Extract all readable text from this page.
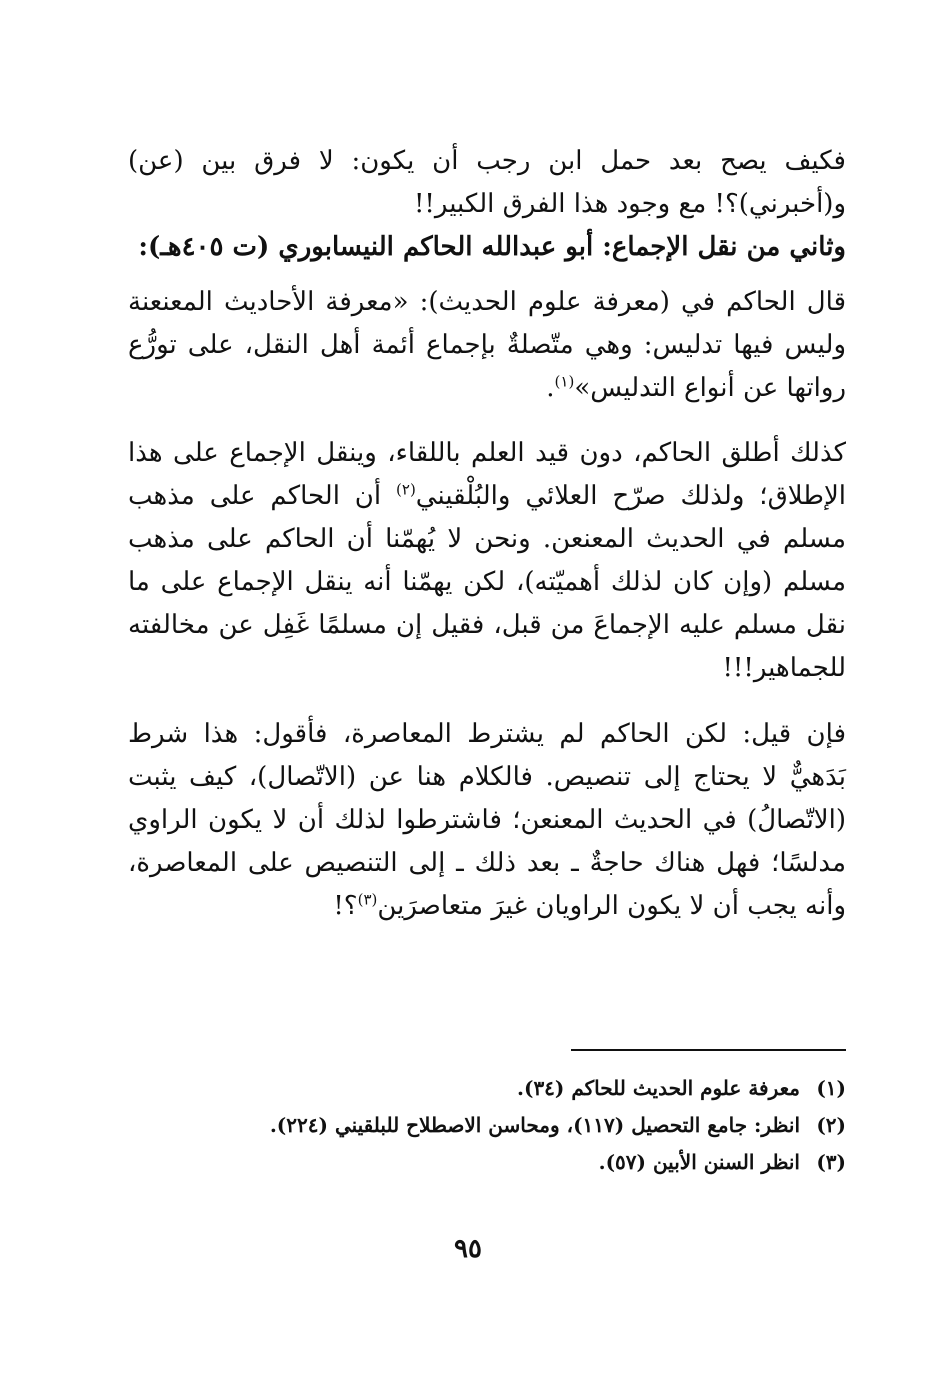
فكيف يصح بعد حمل ابن رجب أن يكون: لا فرق بين (عن) و(أخبرني)؟! مع وجود هذا الفرق الكبير!!

وثاني من نقل الإجماع: أبو عبدالله الحاكم النيسابوري (ت ٤٠٥هـ):

قال الحاكم في (معرفة علوم الحديث): «معرفة الأحاديث المعنعنة وليس فيها تدليس: وهي متّصلةٌ بإجماع أئمة أهل النقل، على تورُّع رواتها عن أنواع التدليس»$^{(١)}$.

كذلك أطلق الحاكم، دون قيد العلم باللقاء، وينقل الإجماع على هذا الإطلاق؛ ولذلك صرّح العلائي والبُلْقيني$^{(٢)}$ أن الحاكم على مذهب مسلم في الحديث المعنعن. ونحن لا يُهمّنا أن الحاكم على مذهب مسلم (وإن كان لذلك أهميّته)، لكن يهمّنا أنه ينقل الإجماع على ما نقل مسلم عليه الإجماعَ من قبل، فقيل إن مسلمًا غَفِل عن مخالفته للجماهير!!!

فإن قيل: لكن الحاكم لم يشترط المعاصرة، فأقول: هذا شرط بَدَهيٌّ لا يحتاج إلى تنصيص. فالكلام هنا عن (الاتّصال)، كيف يثبت (الاتّصالُ) في الحديث المعنعن؛ فاشترطوا لذلك أن لا يكون الراوي مدلسًا؛ فهل هناك حاجةٌ ـ بعد ذلك ـ إلى التنصيص على المعاصرة، وأنه يجب أن لا يكون الراويان غيرَ متعاصرَين$^{(٣)}$؟!

(١)معرفة علوم الحديث للحاكم (٣٤).
(٢)انظر: جامع التحصيل (١١٧)، ومحاسن الاصطلاح للبلقيني (٢٢٤).
(٣)انظر السنن الأبين (٥٧).
٩٥
